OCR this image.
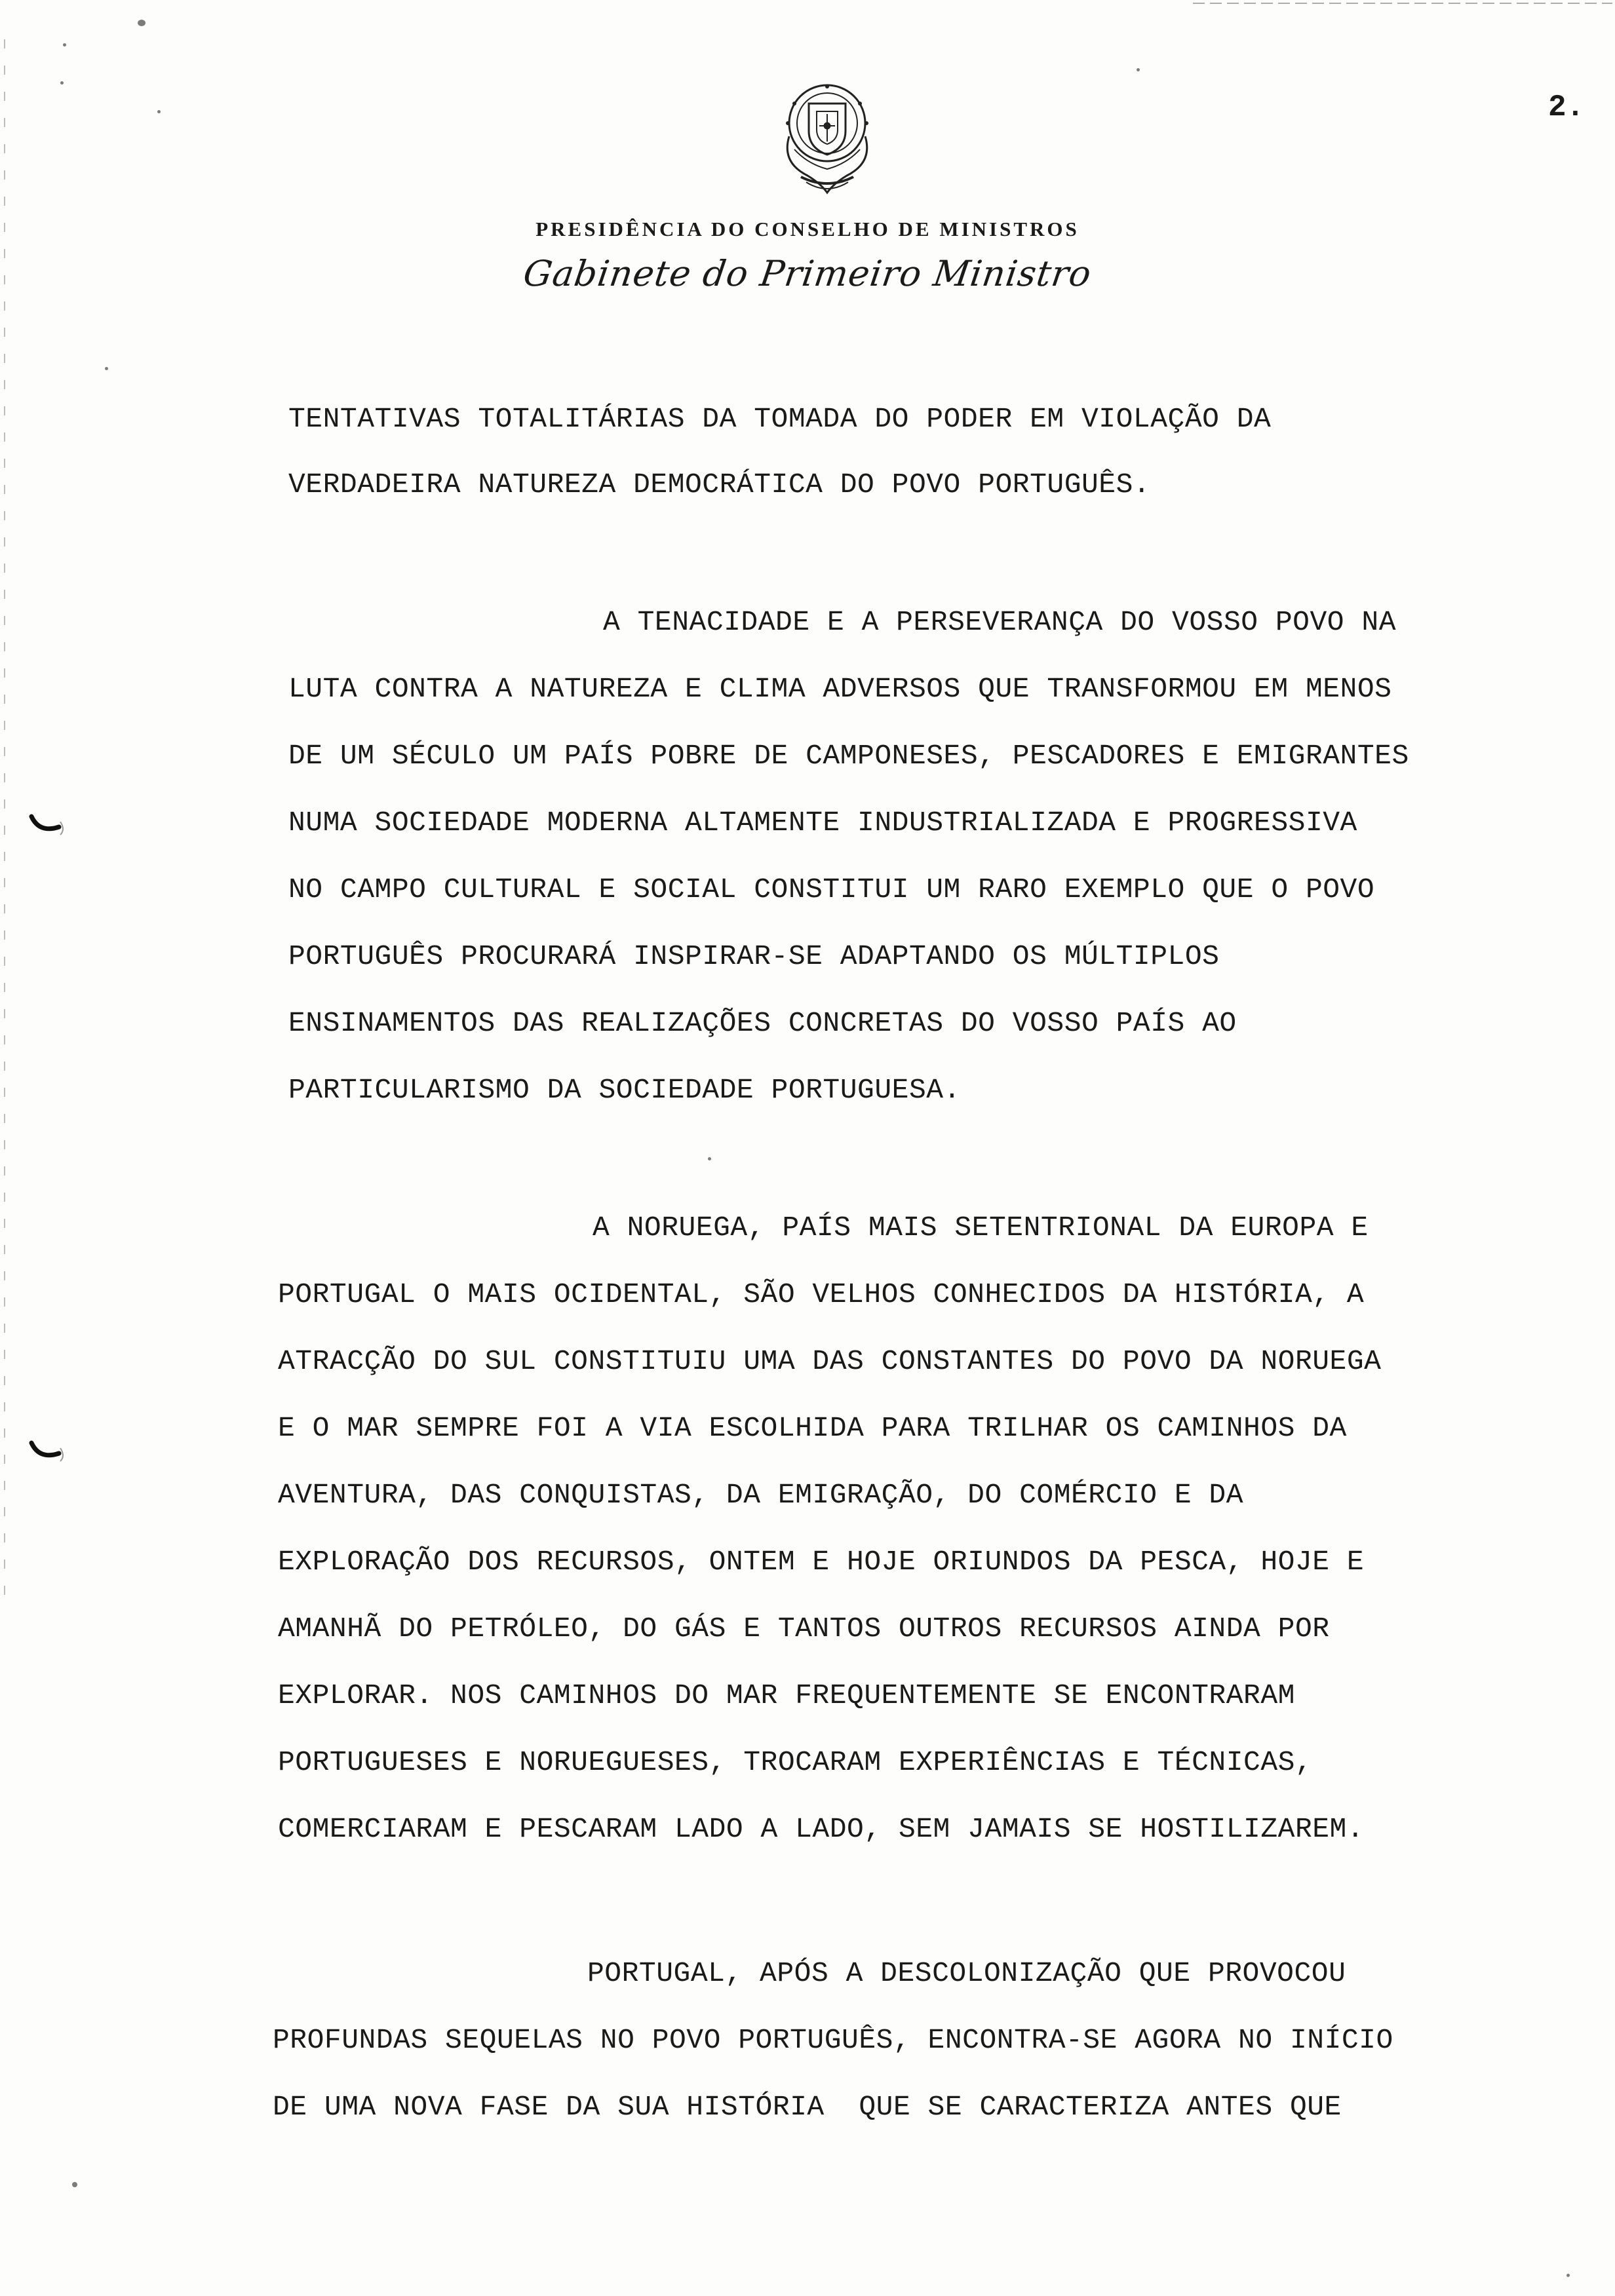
2.
PRESIDÊNCIA DO CONSELHO DE MINISTROS
Gabinete do Primeiro Ministro
TENTATIVAS TOTALITÁRIAS DA TOMADA DO PODER EM VIOLAÇÃO DA
VERDADEIRA NATUREZA DEMOCRÁTICA DO POVO PORTUGUÊS.
A TENACIDADE E A PERSEVERANÇA DO VOSSO POVO NA
LUTA CONTRA A NATUREZA E CLIMA ADVERSOS QUE TRANSFORMOU EM MENOS
DE UM SÉCULO UM PAÍS POBRE DE CAMPONESES, PESCADORES E EMIGRANTES
NUMA SOCIEDADE MODERNA ALTAMENTE INDUSTRIALIZADA E PROGRESSIVA
NO CAMPO CULTURAL E SOCIAL CONSTITUI UM RARO EXEMPLO QUE O POVO
PORTUGUÊS PROCURARÁ INSPIRAR-SE ADAPTANDO OS MÚLTIPLOS
ENSINAMENTOS DAS REALIZAÇÕES CONCRETAS DO VOSSO PAÍS AO
PARTICULARISMO DA SOCIEDADE PORTUGUESA.
A NORUEGA, PAÍS MAIS SETENTRIONAL DA EUROPA E
PORTUGAL O MAIS OCIDENTAL, SÃO VELHOS CONHECIDOS DA HISTÓRIA, A
ATRACÇÃO DO SUL CONSTITUIU UMA DAS CONSTANTES DO POVO DA NORUEGA
E O MAR SEMPRE FOI A VIA ESCOLHIDA PARA TRILHAR OS CAMINHOS DA
AVENTURA, DAS CONQUISTAS, DA EMIGRAÇÃO, DO COMÉRCIO E DA
EXPLORAÇÃO DOS RECURSOS, ONTEM E HOJE ORIUNDOS DA PESCA, HOJE E
AMANHÃ DO PETRÓLEO, DO GÁS E TANTOS OUTROS RECURSOS AINDA POR
EXPLORAR. NOS CAMINHOS DO MAR FREQUENTEMENTE SE ENCONTRARAM
PORTUGUESES E NORUEGUESES, TROCARAM EXPERIÊNCIAS E TÉCNICAS,
COMERCIARAM E PESCARAM LADO A LADO, SEM JAMAIS SE HOSTILIZAREM.
PORTUGAL, APÓS A DESCOLONIZAÇÃO QUE PROVOCOU
PROFUNDAS SEQUELAS NO POVO PORTUGUÊS, ENCONTRA-SE AGORA NO INÍCIO
DE UMA NOVA FASE DA SUA HISTÓRIA  QUE SE CARACTERIZA ANTES QUE
